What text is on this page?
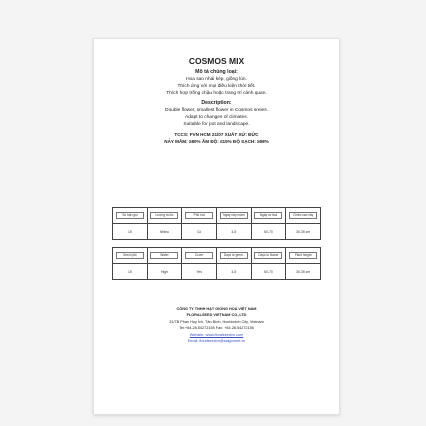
COSMOS MIX
Mô tả chủng loại:
Hoa sao nhái kép, giống lùn.
Thích ứng với mọi điều kiện thời tiết.
Thích hợp trồng chậu hoặc trang trí cảnh quan.
Description:
Double flower, smallest flower in Cosmos sreies.
Adapt to changes of climates.
Suitable for pot and landscape.
TCCS: FVN HCM 21/07 XUẤT XỨ: ĐỨC
NẢY MẦM: ≥80% ẨM ĐỘ: ≤15% ĐỘ SẠCH: ≥98%
Số hạt /gói	Lượng nước	Phủ hạt	Ngày nảy mầm	Ngày ra hoa	Chiều cao cây

15	Nhiều	Có	3-5	60-70	30-35 cm
Seed /pkt	Water	Cover	Days to germ.	Days to flower	Plant height

15	High	Yes	3-5	60-70	30-35 cm
CÔNG TY TNHH HẠT GIỐNG HOA VIỆT NAM
FLORALSEED VIETNAM CO.,LTD
31/7B Phan Huy Ích, Tân Bình, Hochiminh City, Vietnam
Tel:+84.28.54272155 Fax: +84.28.54272156
Website: www.floralseedvn.com
Email: floralseedvn@saigonnet.vn
